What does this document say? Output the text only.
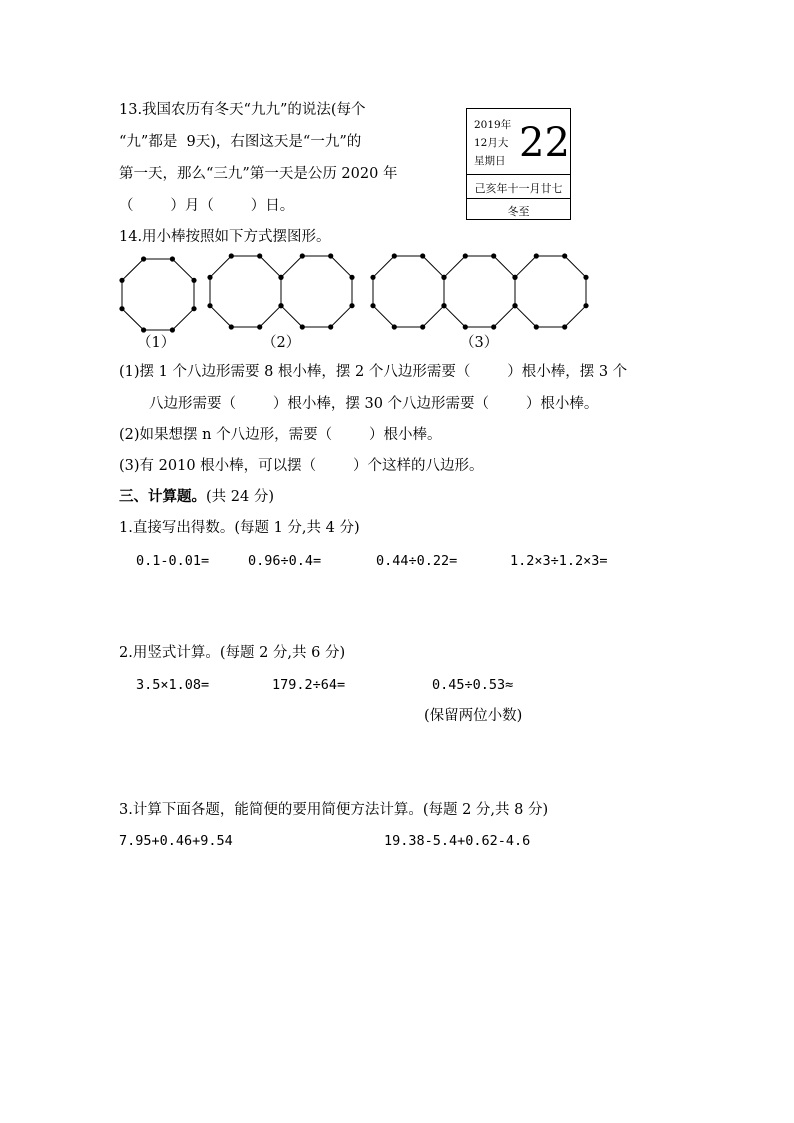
13.我国农历有冬天“九九”的说法(每个
“九”都是  9天)，右图这天是“一九”的
第一天，那么“三九”第一天是公历 2020 年
（        ）月（        ）日。
2019年
12月大
星期日 22
己亥年十一月廿七
冬至
14.用小棒按照如下方式摆图形。
（1）	（2）	（3）
(1)摆 1 个八边形需要 8 根小棒，摆 2 个八边形需要（        ）根小棒，摆 3 个
八边形需要（        ）根小棒，摆 30 个八边形需要（        ）根小棒。
(2)如果想摆 n 个八边形，需要（        ）根小棒。
(3)有 2010 根小棒，可以摆（        ）个这样的八边形。
三、计算题。(共 24 分)
1.直接写出得数。(每题 1 分,共 4 分)
0.1-0.01=	0.96÷0.4=	0.44÷0.22=	1.2×3÷1.2×3=
2.用竖式计算。(每题 2 分,共 6 分)
3.5×1.08=	179.2÷64=	0.45÷0.53≈
(保留两位小数)
3.计算下面各题，能简便的要用简便方法计算。(每题 2 分,共 8 分)
7.95+0.46+9.54	19.38-5.4+0.62-4.6
